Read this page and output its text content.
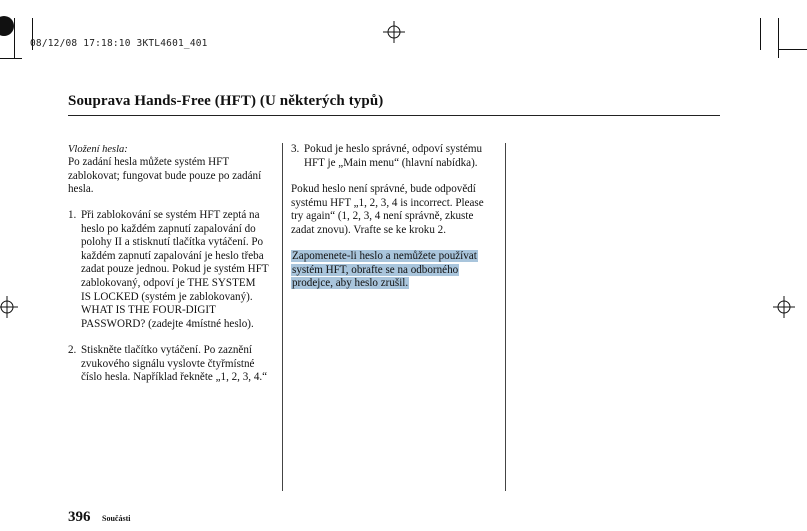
08/12/08 17:18:10 3KTL4601_401
Souprava Hands-Free (HFT) (U některých typů)
Vložení hesla:
Po zadání hesla můžete systém HFT
zablokovat; fungovat bude pouze po zadání
hesla.
1. Při zablokování se systém HFT zeptá na
heslo po každém zapnutí zapalování do
polohy II a stisknutí tlačítka vytáčení. Po
každém zapnutí zapalování je heslo třeba
zadat pouze jednou. Pokud je systém HFT
zablokovaný, odpoví je THE SYSTEM
IS LOCKED (systém je zablokovaný).
WHAT IS THE FOUR-DIGIT
PASSWORD? (zadejte 4místné heslo).
2. Stiskněte tlačítko vytáčení. Po zaznění
zvukového signálu vyslovte čtyřmístné
číslo hesla. Například řekněte „1, 2, 3, 4.“
3. Pokud je heslo správné, odpoví systému
HFT je „Main menu“ (hlavní nabídka).
Pokud heslo není správné, bude odpovědí
systému HFT „1, 2, 3, 4 is incorrect. Please
try again“ (1, 2, 3, 4 není správně, zkuste
zadat znovu). Vrafte se ke kroku 2.
Zapomenete-li heslo a nemůžete používat
systém HFT, obrafte se na odborného
prodejce, aby heslo zrušil.
396 Součásti
